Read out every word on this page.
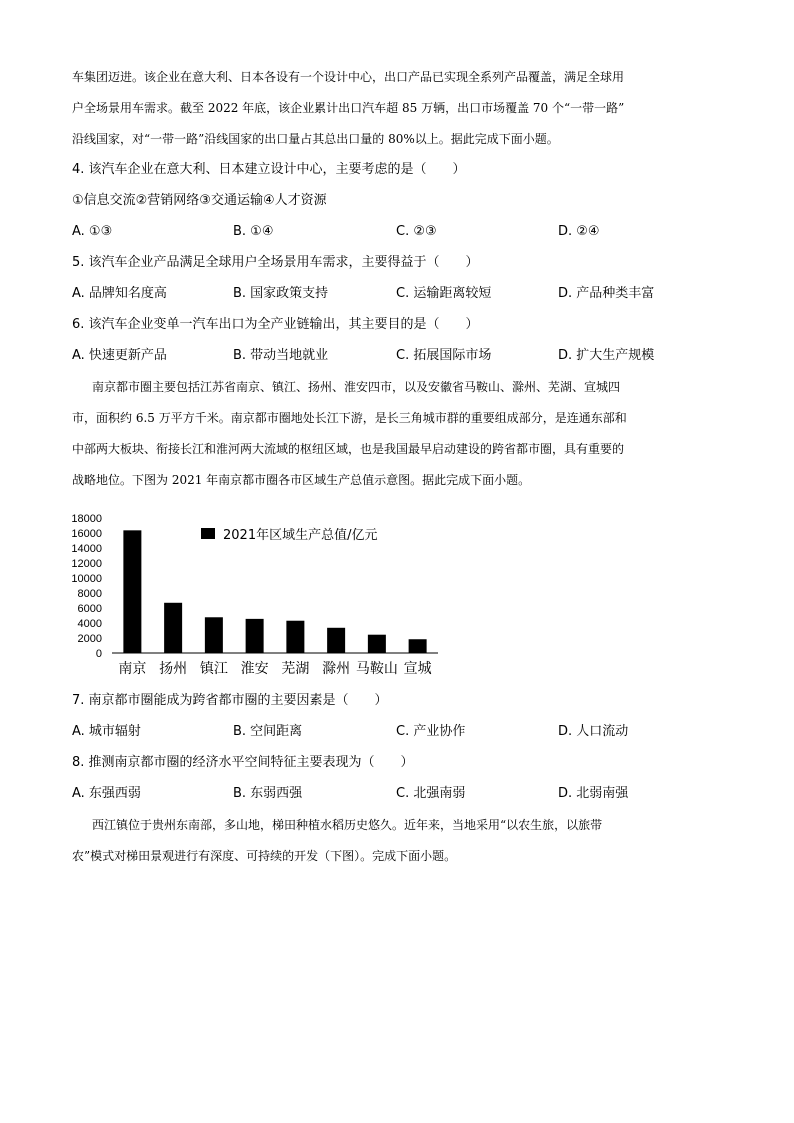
车集团迈进。该企业在意大利、日本各设有一个设计中心，出口产品已实现全系列产品覆盖，满足全球用
户全场景用车需求。截至 2022 年底，该企业累计出口汽车超 85 万辆，出口市场覆盖 70 个“一带一路”
沿线国家，对“一带一路”沿线国家的出口量占其总出口量的 80%以上。据此完成下面小题。
4. 该汽车企业在意大利、日本建立设计中心，主要考虑的是（　　）
①信息交流②营销网络③交通运输④人才资源
A. ①③	B. ①④	C. ②③	D. ②④
5. 该汽车企业产品满足全球用户全场景用车需求，主要得益于（　　）
A. 品牌知名度高	B. 国家政策支持	C. 运输距离较短	D. 产品种类丰富
6. 该汽车企业变单一汽车出口为全产业链输出，其主要目的是（　　）
A. 快速更新产品	B. 带动当地就业	C. 拓展国际市场	D. 扩大生产规模
南京都市圈主要包括江苏省南京、镇江、扬州、淮安四市，以及安徽省马鞍山、滁州、芜湖、宣城四
市，面积约 6.5 万平方千米。南京都市圈地处长江下游，是长三角城市群的重要组成部分，是连通东部和
中部两大板块、衔接长江和淮河两大流域的枢纽区域，也是我国最早启动建设的跨省都市圈，具有重要的
战略地位。下图为 2021 年南京都市圈各市区域生产总值示意图。据此完成下面小题。
18000
16000
14000
12000
10000
8000
6000
4000
2000
0
南京 扬州 镇江 淮安 芜湖 滁州 马鞍山 宣城
2021年区域生产总值/亿元
7. 南京都市圈能成为跨省都市圈的主要因素是（　　）
A. 城市辐射	B. 空间距离	C. 产业协作	D. 人口流动
8. 推测南京都市圈的经济水平空间特征主要表现为（　　）
A. 东强西弱	B. 东弱西强	C. 北强南弱	D. 北弱南强
西江镇位于贵州东南部，多山地，梯田种植水稻历史悠久。近年来，当地采用“以农生旅，以旅带
农”模式对梯田景观进行有深度、可持续的开发（下图）。完成下面小题。
